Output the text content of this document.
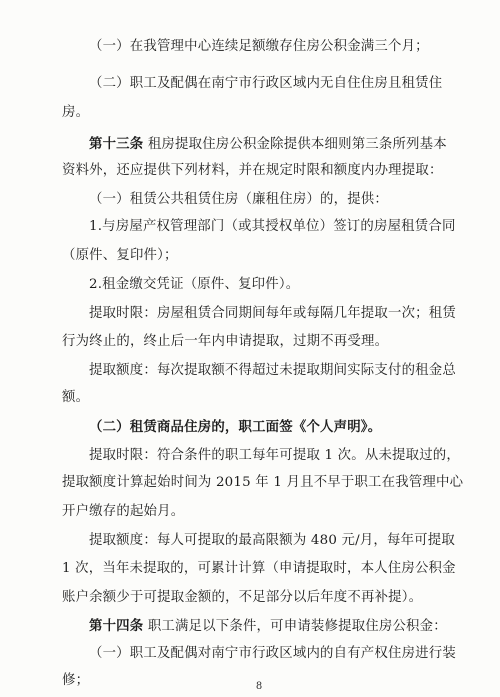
（一）在我管理中心连续足额缴存住房公积金满三个月；
（二）职工及配偶在南宁市行政区域内无自住住房且租赁住
房。
第十三条 租房提取住房公积金除提供本细则第三条所列基本
资料外，还应提供下列材料，并在规定时限和额度内办理提取：
（一）租赁公共租赁住房（廉租住房）的，提供：
1.与房屋产权管理部门（或其授权单位）签订的房屋租赁合同
（原件、复印件）；
2.租金缴交凭证（原件、复印件）。
提取时限：房屋租赁合同期间每年或每隔几年提取一次；租赁
行为终止的，终止后一年内申请提取，过期不再受理。
提取额度：每次提取额不得超过未提取期间实际支付的租金总
额。
（二）租赁商品住房的，职工面签《个人声明》。
提取时限：符合条件的职工每年可提取 1 次。从未提取过的，
提取额度计算起始时间为 2015 年 1 月且不早于职工在我管理中心
开户缴存的起始月。
提取额度：每人可提取的最高限额为 480 元/月，每年可提取
1 次，当年未提取的，可累计计算（申请提取时，本人住房公积金
账户余额少于可提取金额的，不足部分以后年度不再补提）。
第十四条 职工满足以下条件，可申请装修提取住房公积金：
（一）职工及配偶对南宁市行政区域内的自有产权住房进行装
修；	8
